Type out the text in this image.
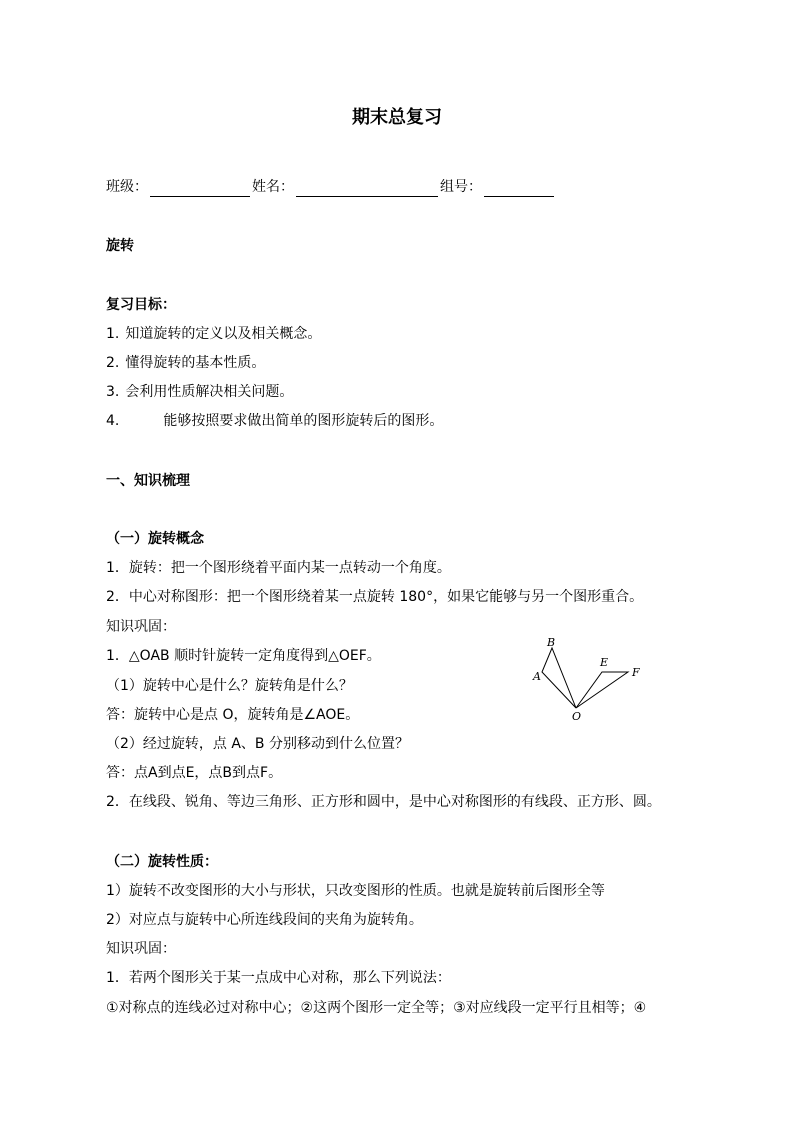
期末总复习
班级：	姓名：	组号：
旋转
复习目标：
1. 知道旋转的定义以及相关概念。
2. 懂得旋转的基本性质。
3. 会利用性质解决相关问题。
4.	能够按照要求做出简单的图形旋转后的图形。
一、知识梳理
（一）旋转概念
1．旋转：把一个图形绕着平面内某一点转动一个角度。
2．中心对称图形：把一个图形绕着某一点旋转 180°，如果它能够与另一个图形重合。
知识巩固：
1．△OAB 顺时针旋转一定角度得到△OEF。
（1）旋转中心是什么？旋转角是什么？
答：旋转中心是点 O，旋转角是∠AOE。
（2）经过旋转，点 A、B 分别移动到什么位置？
答：点A到点E，点B到点F。
2．在线段、锐角、等边三角形、正方形和圆中，是中心对称图形的有线段、正方形、圆。
B
A
E
F
O
（二）旋转性质：
1）旋转不改变图形的大小与形状，只改变图形的性质。也就是旋转前后图形全等
2）对应点与旋转中心所连线段间的夹角为旋转角。
知识巩固：
1．若两个图形关于某一点成中心对称，那么下列说法：
①对称点的连线必过对称中心；②这两个图形一定全等；③对应线段一定平行且相等；④
